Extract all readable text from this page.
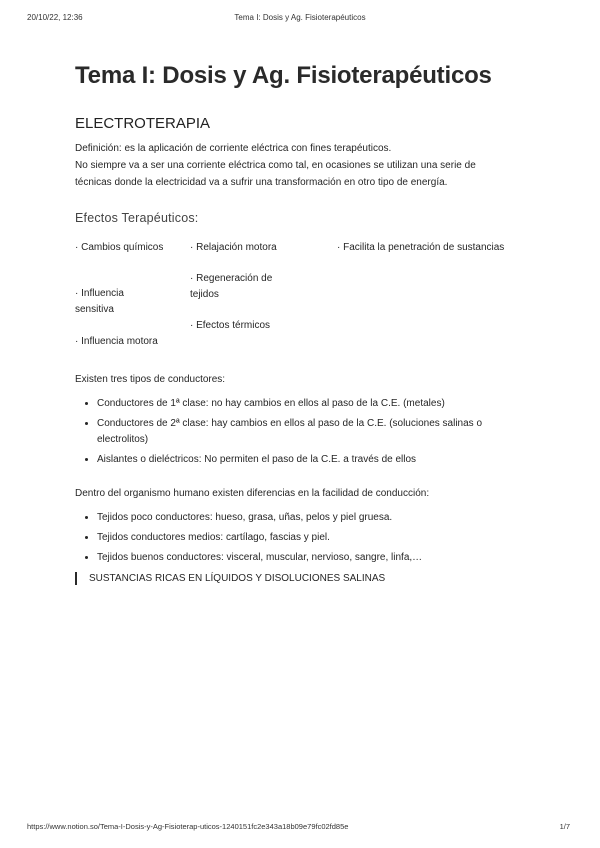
20/10/22, 12:36	Tema I: Dosis y Ag. Fisioterapéuticos
Tema I: Dosis y Ag. Fisioterapéuticos
ELECTROTERAPIA

Definición: es la aplicación de corriente eléctrica con fines terapéuticos.

No siempre va a ser una corriente eléctrica como tal, en ocasiones se utilizan una serie de

técnicas donde la electricidad va a sufrir una transformación en otro tipo de energía.

Efectos Terapéuticos:
· Cambios químicos
· Influencia sensitiva
· Influencia motora
· Relajación motora
· Regeneración de tejidos
· Efectos térmicos
· Facilita la penetración de sustancias

Existen tres tipos de conductores:

• Conductores de 1ª clase: no hay cambios en ellos al paso de la C.E. (metales)
• Conductores de 2ª clase: hay cambios en ellos al paso de la C.E. (soluciones salinas o electrolitos)
• Aislantes o dieléctricos: No permiten el paso de la C.E. a través de ellos

Dentro del organismo humano existen diferencias en la facilidad de conducción:

• Tejidos poco conductores: hueso, grasa, uñas, pelos y piel gruesa.
• Tejidos conductores medios: cartílago, fascias y piel.
• Tejidos buenos conductores: visceral, muscular, nervioso, sangre, linfa,…
SUSTANCIAS RICAS EN LÍQUIDOS Y DISOLUCIONES SALINAS
https://www.notion.so/Tema-I-Dosis-y-Ag-Fisioterap-uticos-1240151fc2e343a18b09e79fc02fd85e	1/7
